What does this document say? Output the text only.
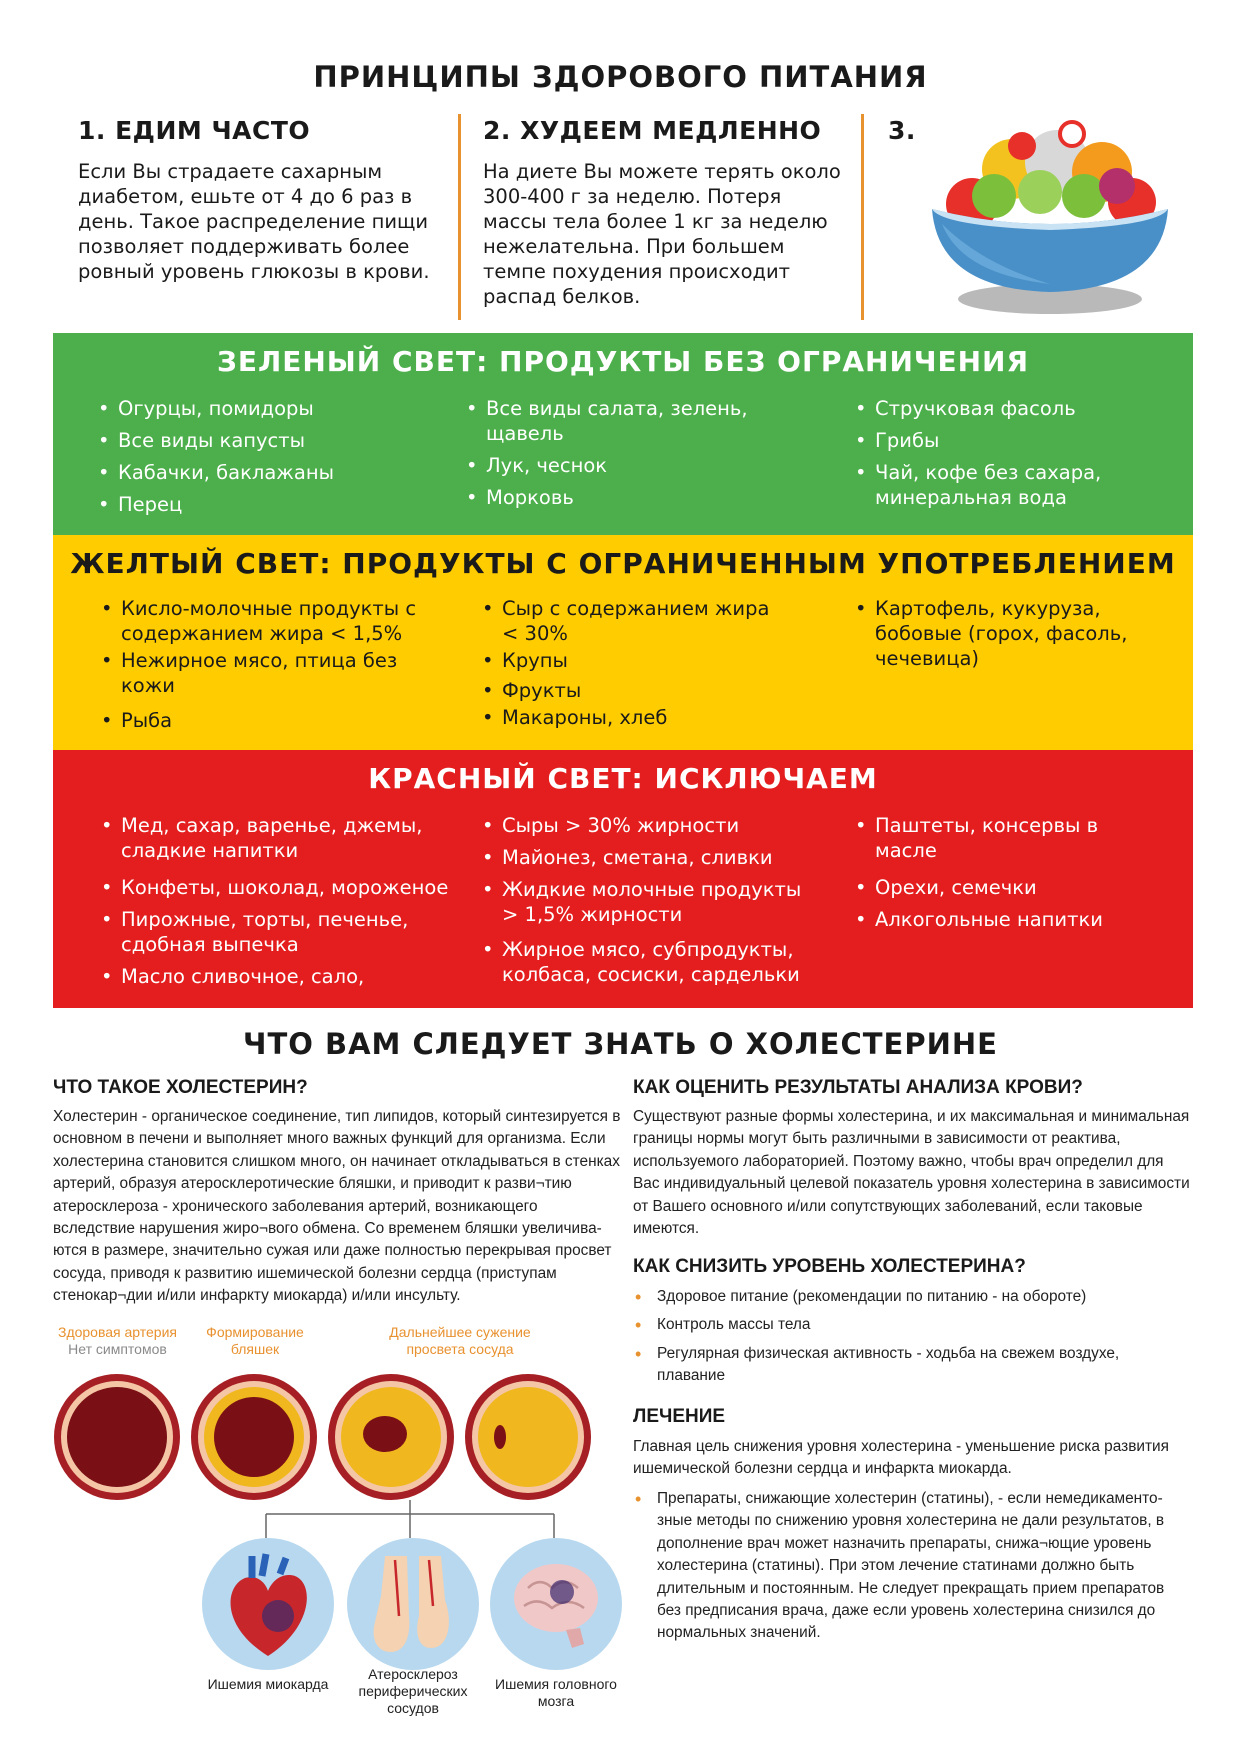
ПРИНЦИПЫ ЗДОРОВОГО ПИТАНИЯ

1. ЕДИМ ЧАСТО

Если Вы страдаете сахарным диабетом, ешьте от 4 до 6 раз в день. Такое распределение пищи позволяет поддерживать более ровный уровень глюкозы в крови.

2. ХУДЕЕМ МЕДЛЕННО

На диете Вы можете терять около 300-400 г за неделю. Потеря массы тела более 1 кг за неделю нежелательна. При большем темпе похудения происходит распад белков.

3.

ЗЕЛЕНЫЙ СВЕТ: ПРОДУКТЫ БЕЗ ОГРАНИЧЕНИЯ
• Огурцы, помидоры
• Все виды капусты
• Кабачки, баклажаны
• Перец
• Все виды салата, зелень, щавель
• Лук, чеснок
• Морковь
• Стручковая фасоль
• Грибы
• Чай, кофе без сахара, минеральная вода
ЖЕЛТЫЙ СВЕТ: ПРОДУКТЫ С ОГРАНИЧЕННЫМ УПОТРЕБЛЕНИЕМ
• Кисло-молочные продукты с содержанием жира < 1,5%
• Нежирное мясо, птица без кожи
• Рыба
• Сыр с содержанием жира < 30%
• Крупы
• Фрукты
• Макароны, хлеб
• Картофель, кукуруза, бобовые (горох, фасоль, чечевица)
КРАСНЫЙ СВЕТ: ИСКЛЮЧАЕМ
• Мед, сахар, варенье, джемы, сладкие напитки
• Конфеты, шоколад, мороженое
• Пирожные, торты, печенье, сдобная выпечка
• Масло сливочное, сало,
• Сыры > 30% жирности
• Майонез, сметана, сливки
• Жидкие молочные продукты > 1,5% жирности
• Жирное мясо, субпродукты, колбаса, сосиски, сардельки
• Паштеты, консервы в масле
• Орехи, семечки
• Алкогольные напитки
ЧТО ВАМ СЛЕДУЕТ ЗНАТЬ О ХОЛЕСТЕРИНЕ

ЧТО ТАКОЕ ХОЛЕСТЕРИН?

Холестерин - органическое соединение, тип липидов, который синтезируется в основном в печени и выполняет много важных функций для организма. Если холестерина становится слишком много, он начинает откладываться в стенках артерий, образуя атеросклеротические бляшки, и приводит к разви¬тию атеросклероза - хронического заболевания артерий, возникающего вследствие нарушения жиро¬вого обмена. Со временем бляшки увеличиваются в размере, значительно сужая или даже полностью перекрывая просвет сосуда, приводя к развитию ишемической болезни сердца (приступам стенокар¬дии и/или инфаркту миокарда) и/или инсульту.

Здоровая артерия
Нет симптомов
Формирование бляшек
Дальнейшее сужение просвета сосуда
Ишемия миокарда
Атеросклероз периферических сосудов
Ишемия головного мозга

КАК ОЦЕНИТЬ РЕЗУЛЬТАТЫ АНАЛИЗА КРОВИ?

Существуют разные формы холестерина, и их максимальная и минимальная границы нормы могут быть различными в зависимости от реактива, используемого лабораторией. Поэтому важно, чтобы врач определил для Вас индивидуальный целевой показатель уровня холестерина в зависимости от Вашего основного и/или сопутствующих заболеваний, если таковые имеются.

КАК СНИЗИТЬ УРОВЕНЬ ХОЛЕСТЕРИНА?

• Здоровое питание (рекомендации по питанию - на обороте)
• Контроль массы тела
• Регулярная физическая активность - ходьба на свежем воздухе, плавание

ЛЕЧЕНИЕ

Главная цель снижения уровня холестерина - уменьшение риска развития ишемической болезни сердца и инфаркта миокарда.

• Препараты, снижающие холестерин (статины), - если немедикаментозные методы по снижению уровня холестерина не дали результатов, в дополнение врач может назначить препараты, снижа¬ющие уровень холестерина (статины). При этом лечение статинами должно быть длительным и постоянным. Не следует прекращать прием препаратов без предписания врача, даже если уровень холестерина снизился до нормальных значений.
